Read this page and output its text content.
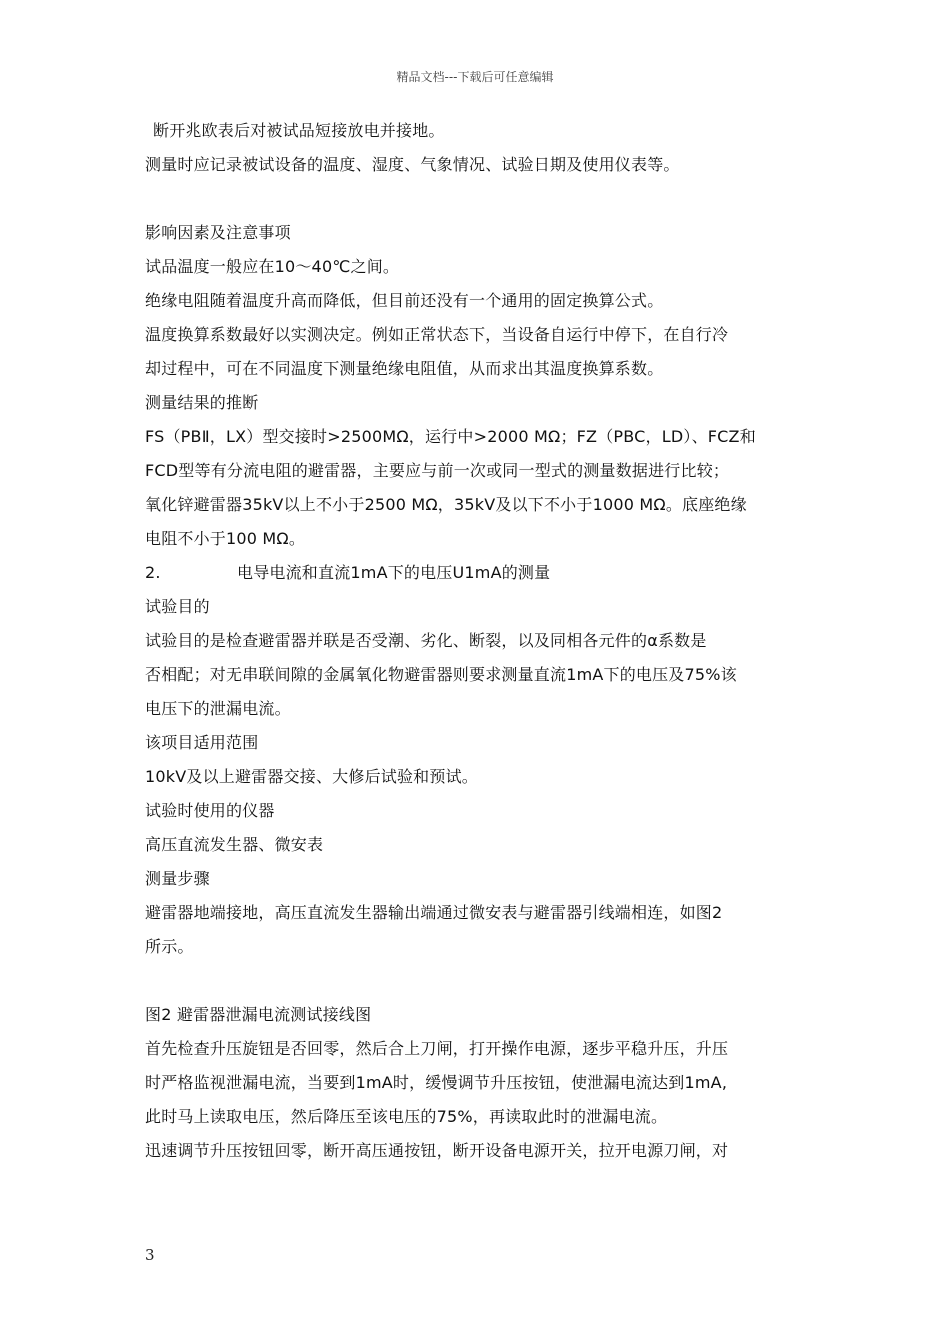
精品文档---下载后可任意编辑
断开兆欧表后对被试品短接放电并接地。
测量时应记录被试设备的温度、湿度、气象情况、试验日期及使用仪表等。
影响因素及注意事项
试品温度一般应在10～40℃之间。
绝缘电阻随着温度升高而降低，但目前还没有一个通用的固定换算公式。
温度换算系数最好以实测决定。例如正常状态下，当设备自运行中停下，在自行冷
却过程中，可在不同温度下测量绝缘电阻值，从而求出其温度换算系数。
测量结果的推断
FS（PBⅡ，LX）型交接时>2500MΩ，运行中>2000 MΩ；FZ（PBC，LD）、FCZ和
FCD型等有分流电阻的避雷器，主要应与前一次或同一型式的测量数据进行比较；
氧化锌避雷器35kV以上不小于2500 MΩ，35kV及以下不小于1000 MΩ。底座绝缘
电阻不小于100 MΩ。
2.	电导电流和直流1mA下的电压U1mA的测量
试验目的
试验目的是检查避雷器并联是否受潮、劣化、断裂，以及同相各元件的α系数是
否相配；对无串联间隙的金属氧化物避雷器则要求测量直流1mA下的电压及75%该
电压下的泄漏电流。
该项目适用范围
10kV及以上避雷器交接、大修后试验和预试。
试验时使用的仪器
高压直流发生器、微安表
测量步骤
避雷器地端接地，高压直流发生器输出端通过微安表与避雷器引线端相连，如图2
所示。
图2 避雷器泄漏电流测试接线图
首先检查升压旋钮是否回零，然后合上刀闸，打开操作电源，逐步平稳升压，升压
时严格监视泄漏电流，当要到1mA时，缓慢调节升压按钮，使泄漏电流达到1mA,
此时马上读取电压，然后降压至该电压的75%，再读取此时的泄漏电流。
迅速调节升压按钮回零，断开高压通按钮，断开设备电源开关，拉开电源刀闸，对
3
